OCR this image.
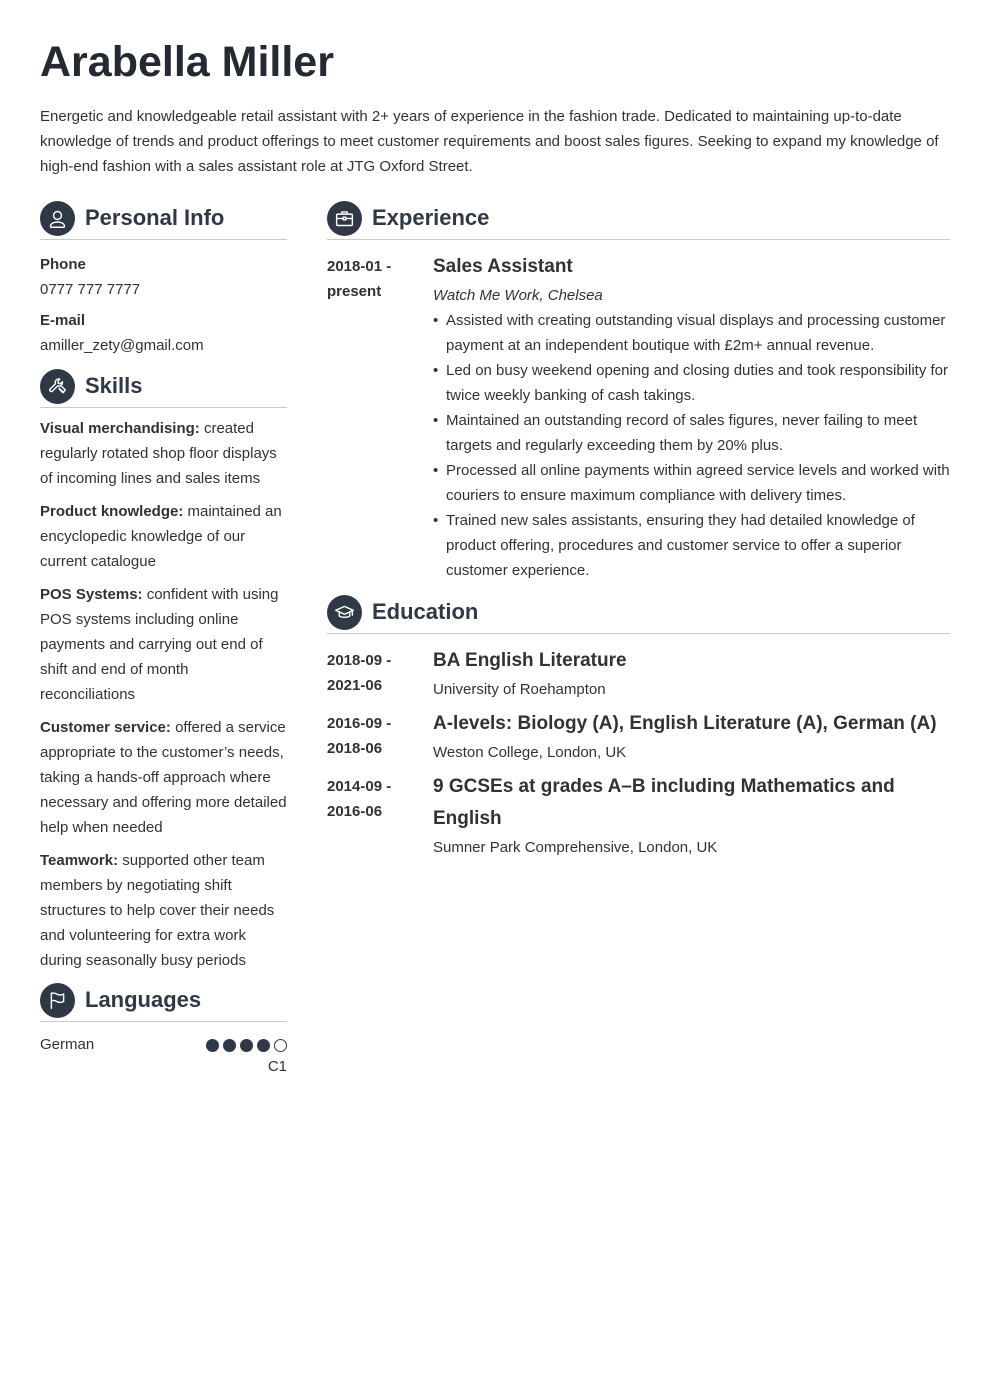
Arabella Miller

Energetic and knowledgeable retail assistant with 2+ years of experience in the fashion trade. Dedicated to maintaining up-to-date knowledge of trends and product offerings to meet customer requirements and boost sales figures. Seeking to expand my knowledge of high-end fashion with a sales assistant role at JTG Oxford Street.

Personal Info
Phone
0777 777 7777
E-mail
amiller_zety@gmail.com
Skills
Visual merchandising: created regularly rotated shop floor displays of incoming lines and sales items
Product knowledge: maintained an encyclopedic knowledge of our current catalogue
POS Systems: confident with using POS systems including online payments and carrying out end of shift and end of month reconciliations
Customer service: offered a service appropriate to the customer’s needs, taking a hands-off approach where necessary and offering more detailed help when needed
Teamwork: supported other team members by negotiating shift structures to help cover their needs and volunteering for extra work during seasonally busy periods
Languages
German
C1
Experience
2018-01 -
present
Sales Assistant
Watch Me Work, Chelsea
• Assisted with creating outstanding visual displays and processing customer payment at an independent boutique with £2m+ annual revenue.
• Led on busy weekend opening and closing duties and took responsibility for twice weekly banking of cash takings.
• Maintained an outstanding record of sales figures, never failing to meet targets and regularly exceeding them by 20% plus.
• Processed all online payments within agreed service levels and worked with couriers to ensure maximum compliance with delivery times.
• Trained new sales assistants, ensuring they had detailed knowledge of product offering, procedures and customer service to offer a superior customer experience.
Education
2018-09 -
2021-06
BA English Literature
University of Roehampton
2016-09 -
2018-06
A-levels: Biology (A), English Literature (A), German (A)
Weston College, London, UK
2014-09 -
2016-06
9 GCSEs at grades A–B including Mathematics and English
Sumner Park Comprehensive, London, UK
